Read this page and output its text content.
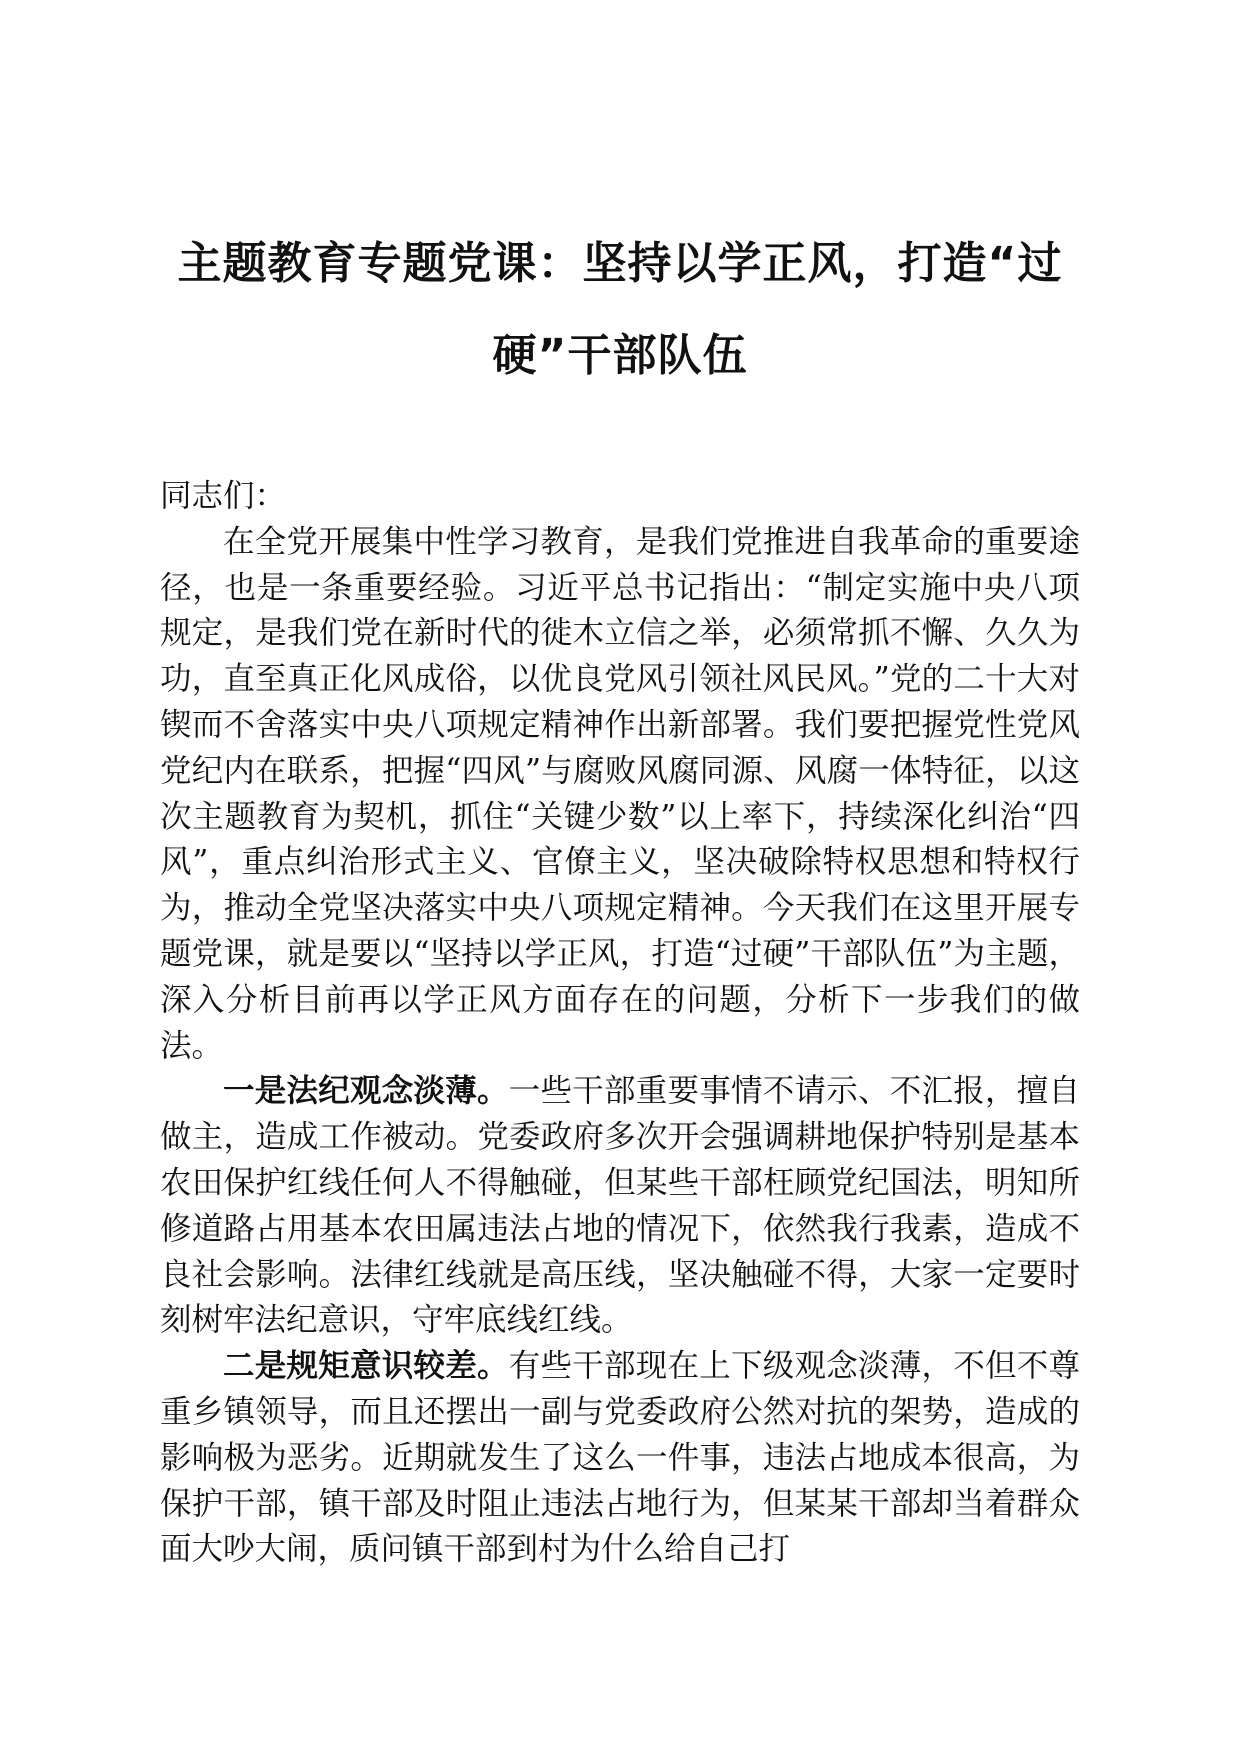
主题教育专题党课：坚持以学正风，打造“过
硬”干部队伍

同志们：

在全党开展集中性学习教育，是我们党推进自我革命的重要途径，也是一条重要经验。习近平总书记指出：“制定实施中央八项规定，是我们党在新时代的徙木立信之举，必须常抓不懈、久久为功，直至真正化风成俗，以优良党风引领社风民风。”党的二十大对锲而不舍落实中央八项规定精神作出新部署。我们要把握党性党风党纪内在联系，把握“四风”与腐败风腐同源、风腐一体特征，以这次主题教育为契机，抓住“关键少数”以上率下，持续深化纠治“四风”，重点纠治形式主义、官僚主义，坚决破除特权思想和特权行为，推动全党坚决落实中央八项规定精神。今天我们在这里开展专题党课，就是要以“坚持以学正风，打造“过硬”干部队伍”为主题，深入分析目前再以学正风方面存在的问题，分析下一步我们的做法。

一是法纪观念淡薄。一些干部重要事情不请示、不汇报，擅自做主，造成工作被动。党委政府多次开会强调耕地保护特别是基本农田保护红线任何人不得触碰，但某些干部枉顾党纪国法，明知所修道路占用基本农田属违法占地的情况下，依然我行我素，造成不良社会影响。法律红线就是高压线，坚决触碰不得，大家一定要时刻树牢法纪意识，守牢底线红线。

二是规矩意识较差。有些干部现在上下级观念淡薄，不但不尊重乡镇领导，而且还摆出一副与党委政府公然对抗的架势，造成的影响极为恶劣。近期就发生了这么一件事，违法占地成本很高，为保护干部，镇干部及时阻止违法占地行为，但某某干部却当着群众面大吵大闹，质问镇干部到村为什么给自己打
